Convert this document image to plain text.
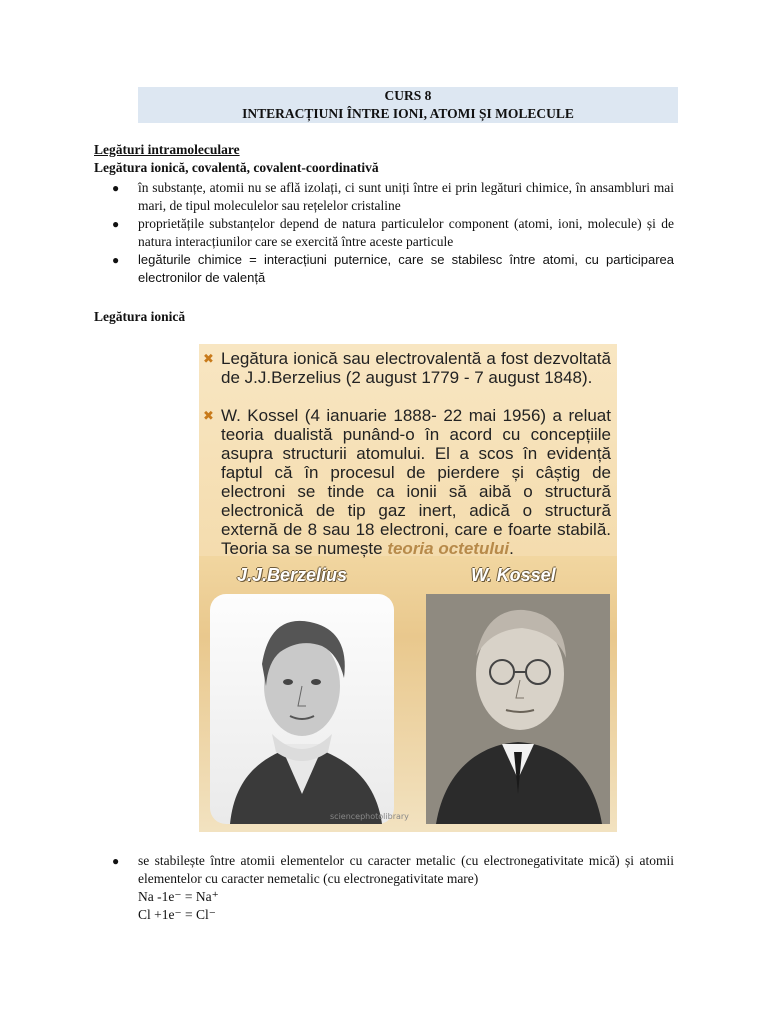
CURS 8
INTERACȚIUNI ÎNTRE IONI, ATOMI ȘI MOLECULE
Legături intramoleculare
Legătura ionică, covalentă, covalent-coordinativă
● în substanțe, atomii nu se află izolați, ci sunt uniți între ei prin legături chimice, în ansambluri mai mari, de tipul moleculelor sau rețelelor cristaline
● proprietățile substanțelor depend de natura particulelor component (atomi, ioni, molecule) și de natura interacțiunilor care se exercită între aceste particule
● legăturile chimice = interacțiuni puternice, care se stabilesc între atomi, cu participarea electronilor de valență
Legătura ionică
✖ Legătura ionică sau electrovalentă a fost dezvoltată de J.J.Berzelius (2 august 1779 - 7 august 1848).
✖ W. Kossel (4 ianuarie 1888- 22 mai 1956) a reluat teoria dualistă punând-o în acord cu concepțiile asupra structurii atomului. El a scos în evidență faptul că în procesul de pierdere și câștig de electroni se tinde ca ionii să aibă o structură electronică de tip gaz inert, adică o structură externă de 8 sau 18 electroni, care e foarte stabilă. Teoria sa se numește teoria octetului.
J.J.Berzelius	W. Kossel
sciencephotolibrary
● se stabilește între atomii elementelor cu caracter metalic (cu electronegativitate mică) și atomii elementelor cu caracter nemetalic (cu electronegativitate mare)
Na -1e⁻ = Na⁺
Cl +1e⁻ = Cl⁻
